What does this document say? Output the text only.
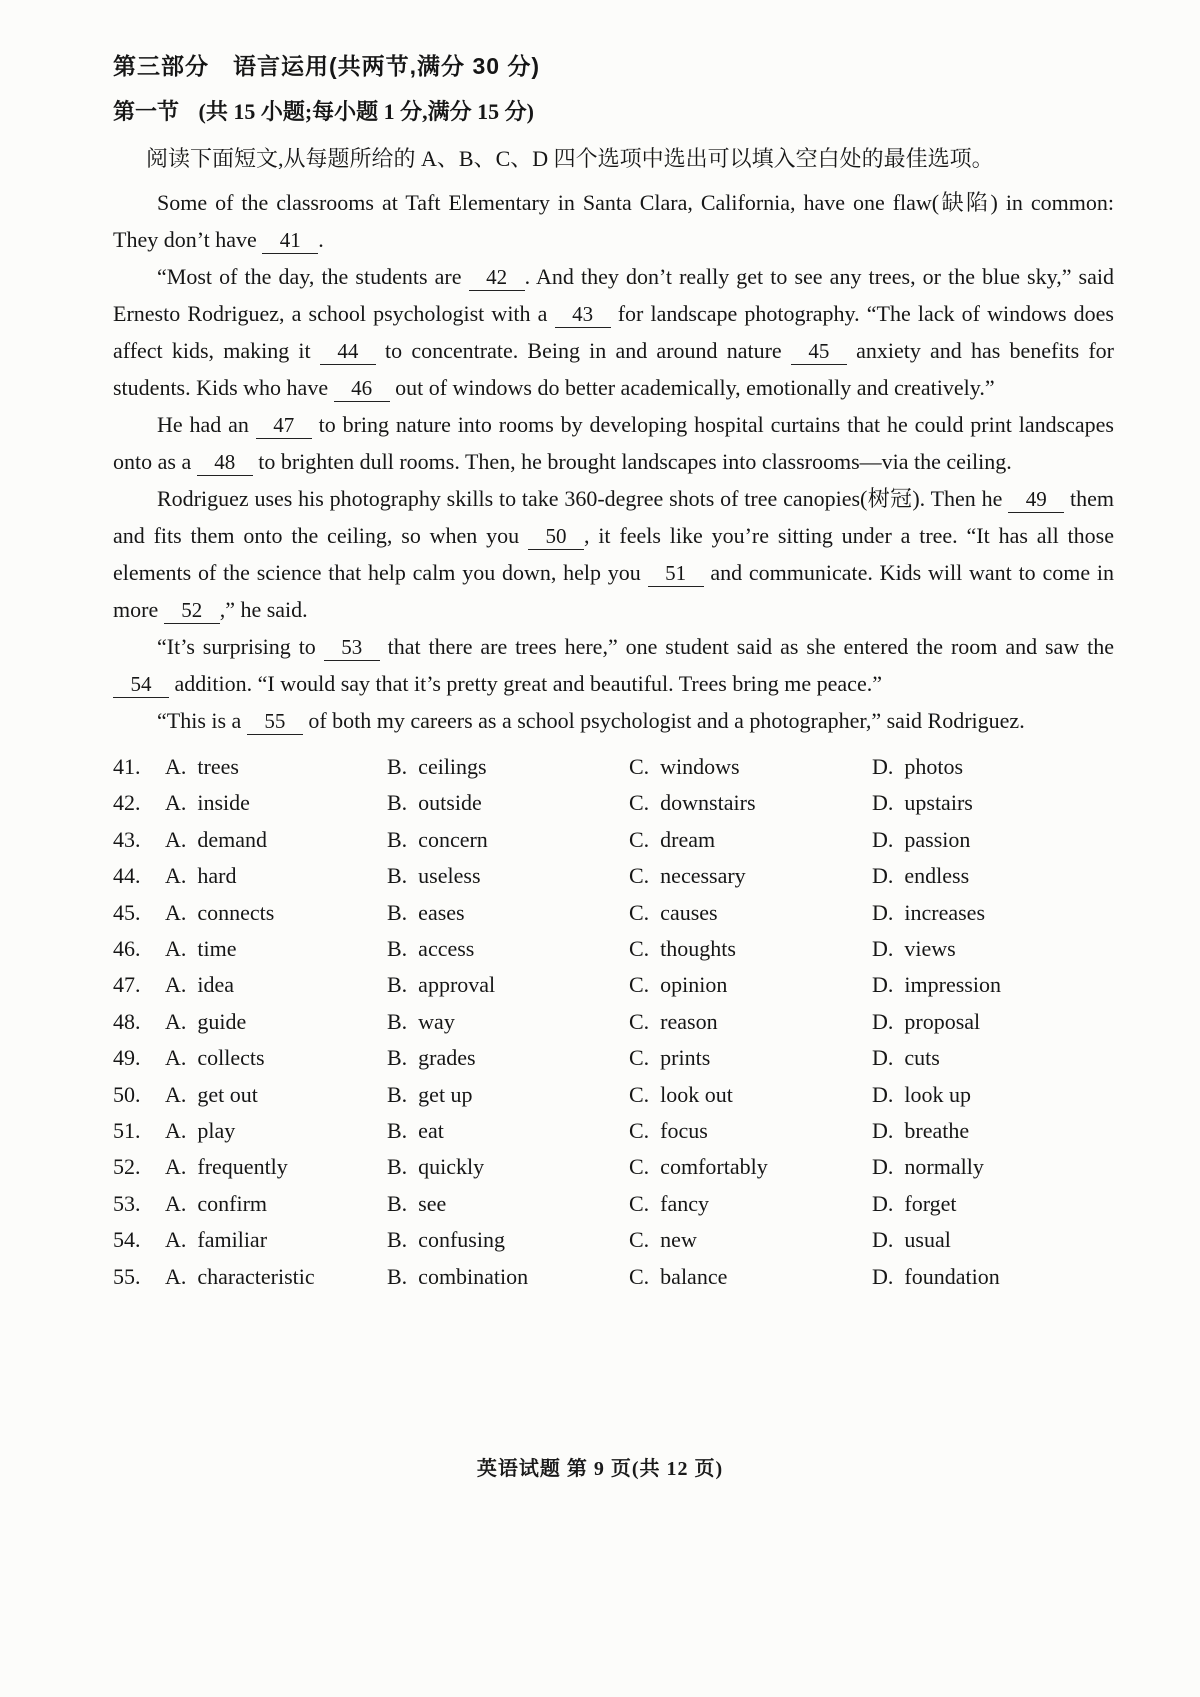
第三部分　语言运用(共两节,满分 30 分)
第一节 (共 15 小题;每小题 1 分,满分 15 分)

阅读下面短文,从每题所给的 A、B、C、D 四个选项中选出可以填入空白处的最佳选项。

Some of the classrooms at Taft Elementary in Santa Clara, California, have one flaw(缺陷) in common: They don’t have 41 .

“Most of the day, the students are 42 . And they don’t really get to see any trees, or the blue sky,” said Ernesto Rodriguez, a school psychologist with a 43 for landscape photography. “The lack of windows does affect kids, making it 44 to concentrate. Being in and around nature 45 anxiety and has benefits for students. Kids who have 46 out of windows do better academically, emotionally and creatively.”

He had an 47 to bring nature into rooms by developing hospital curtains that he could print landscapes onto as a 48 to brighten dull rooms. Then, he brought landscapes into classrooms—via the ceiling.

Rodriguez uses his photography skills to take 360-degree shots of tree canopies(树冠). Then he 49 them and fits them onto the ceiling, so when you 50 , it feels like you’re sitting under a tree. “It has all those elements of the science that help calm you down, help you 51 and communicate. Kids will want to come in more 52 ,” he said.

“It’s surprising to 53 that there are trees here,” one student said as she entered the room and saw the 54 addition. “I would say that it’s pretty great and beautiful. Trees bring me peace.”

“This is a 55 of both my careers as a school psychologist and a photographer,” said Rodriguez.

41.	A. trees	B. ceilings	C. windows	D. photos
42.	A. inside	B. outside	C. downstairs	D. upstairs
43.	A. demand	B. concern	C. dream	D. passion
44.	A. hard	B. useless	C. necessary	D. endless
45.	A. connects	B. eases	C. causes	D. increases
46.	A. time	B. access	C. thoughts	D. views
47.	A. idea	B. approval	C. opinion	D. impression
48.	A. guide	B. way	C. reason	D. proposal
49.	A. collects	B. grades	C. prints	D. cuts
50.	A. get out	B. get up	C. look out	D. look up
51.	A. play	B. eat	C. focus	D. breathe
52.	A. frequently	B. quickly	C. comfortably	D. normally
53.	A. confirm	B. see	C. fancy	D. forget
54.	A. familiar	B. confusing	C. new	D. usual
55.	A. characteristic	B. combination	C. balance	D. foundation
英语试题 第 9 页(共 12 页)
